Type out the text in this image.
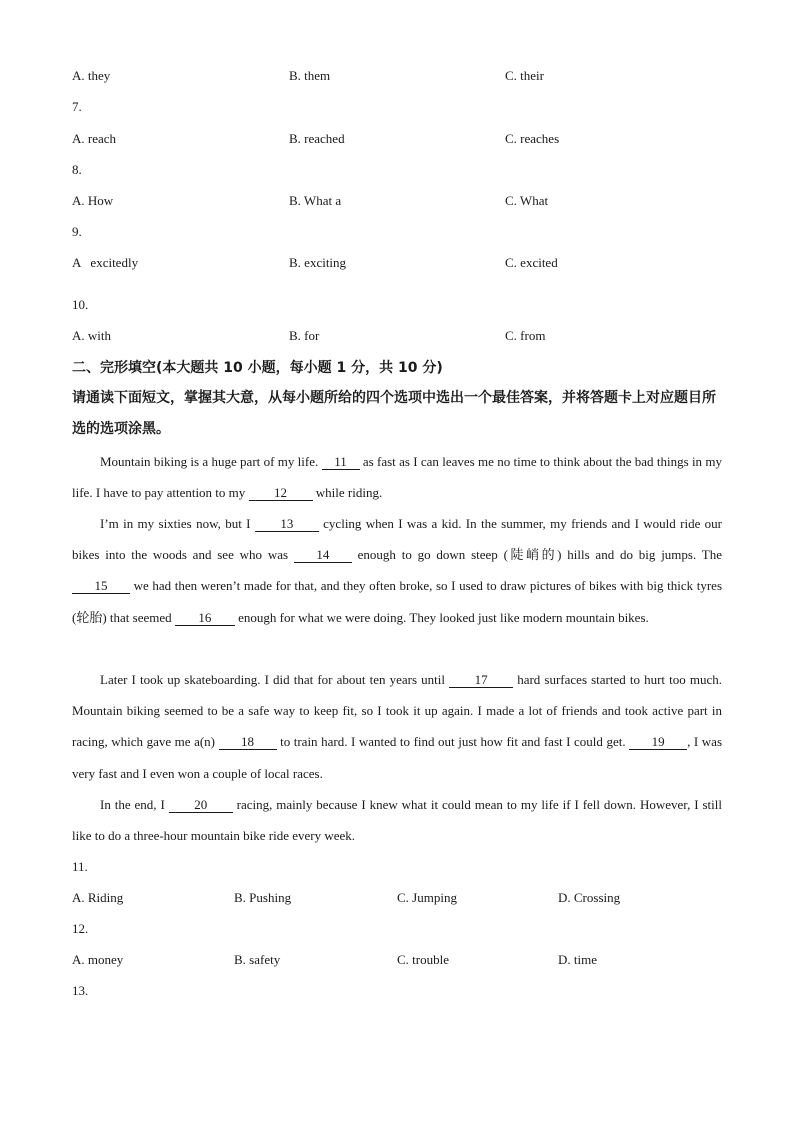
A. they	B. them	C. their
7.
A. reach	B. reached	C. reaches
8.
A. How	B. What a	C. What
9.
A   excitedly	B. exciting	C. excited
10.
A. with	B. for	C. from
二、完形填空(本大题共 10 小题，每小题 1 分，共 10 分)
请通读下面短文，掌握其大意，从每小题所给的四个选项中选出一个最佳答案，并将答题卡上对应题目所选的选项涂黑。
Mountain biking is a huge part of my life. 11 as fast as I can leaves me no time to think about the bad things in my life. I have to pay attention to my 12 while riding.
I’m in my sixties now, but I 13 cycling when I was a kid. In the summer, my friends and I would ride our bikes into the woods and see who was 14 enough to go down steep (陡峭的) hills and do big jumps. The 15 we had then weren’t made for that, and they often broke, so I used to draw pictures of bikes with big thick tyres (轮胎) that seemed 16 enough for what we were doing. They looked just like modern mountain bikes.
Later I took up skateboarding. I did that for about ten years until 17 hard surfaces started to hurt too much. Mountain biking seemed to be a safe way to keep fit, so I took it up again. I made a lot of friends and took active part in racing, which gave me a(n) 18 to train hard. I wanted to find out just how fit and fast I could get. 19 , I was very fast and I even won a couple of local races.
In the end, I 20 racing, mainly because I knew what it could mean to my life if I fell down. However, I still like to do a three-hour mountain bike ride every week.
11.
A. Riding	B. Pushing	C. Jumping	D. Crossing
12.
A. money	B. safety	C. trouble	D. time
13.
